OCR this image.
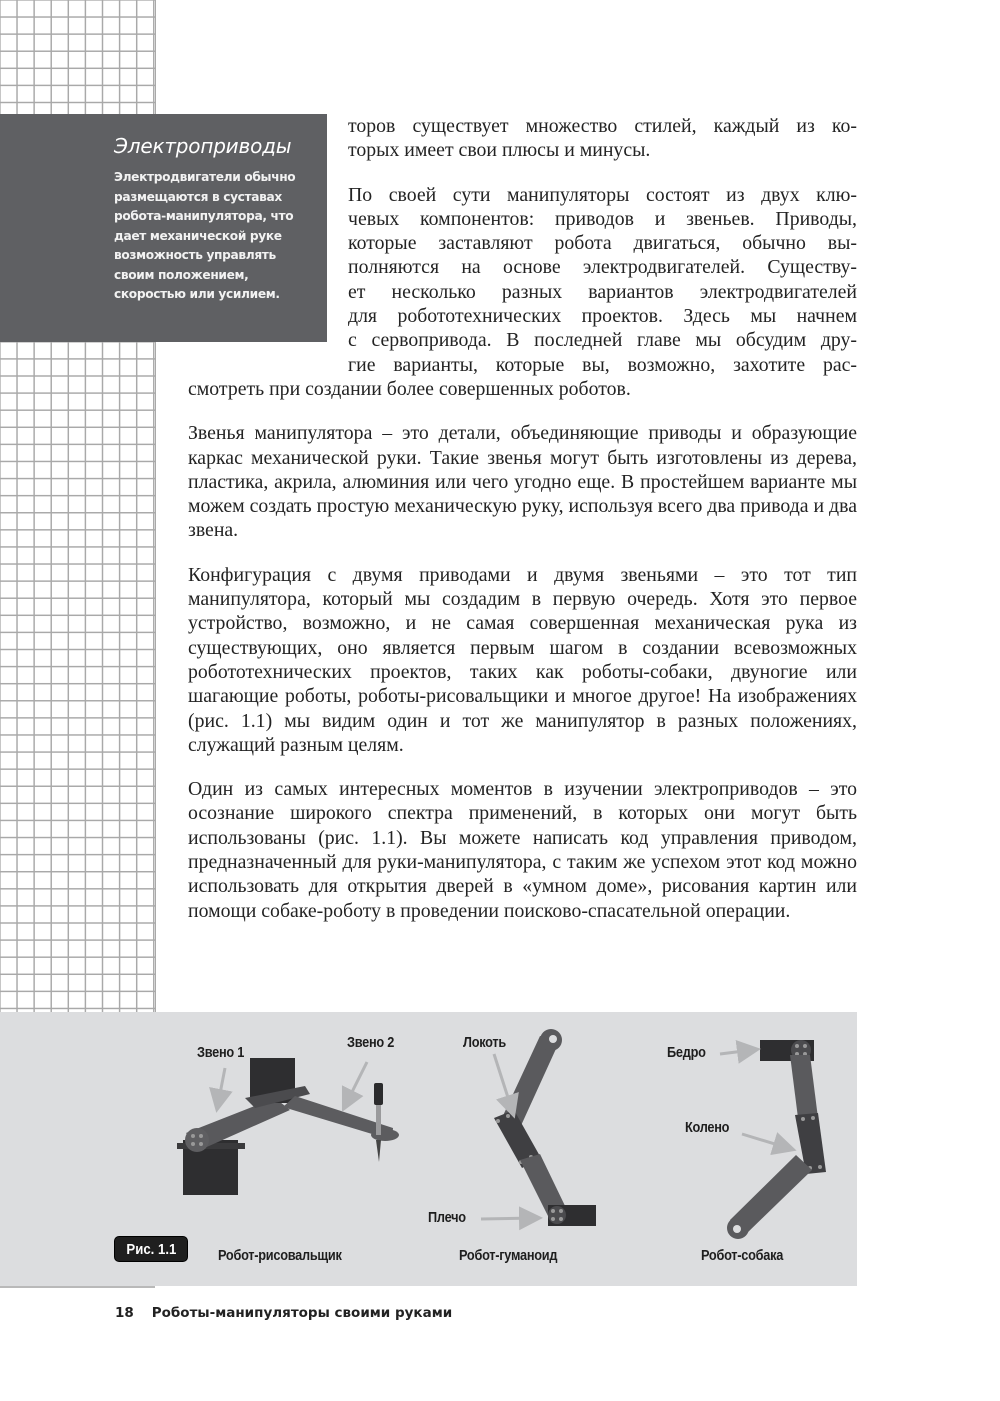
Электроприводы
Электродвигатели обычно размещаются в суставах робота-манипулятора, что дает механической руке возможность управлять своим положением, скоростью или усилием.

торов существует множество стилей, каждый из ко-
торых имеет свои плюсы и минусы.

По своей сути манипуляторы состоят из двух клю-
чевых компонентов: приводов и звеньев. Приводы,
которые заставляют робота двигаться, обычно вы-
полняются на основе электродвигателей. Существу-
ет несколько разных вариантов электродвигателей
для робототехнических проектов. Здесь мы начнем
с сервопривода. В последней главе мы обсудим дру-
гие варианты, которые вы, возможно, захотите рас-

смотреть при создании более совершенных роботов.

Звенья манипулятора – это детали, объединяющие приводы и образующие каркас механической руки. Такие звенья могут быть изготовлены из дерева, пластика, акрила, алюминия или чего угодно еще. В простейшем варианте мы можем создать простую механическую руку, используя всего два привода и два звена.

Конфигурация с двумя приводами и двумя звеньями – это тот тип манипулятора, который мы создадим в первую очередь. Хотя это первое устройство, возможно, и не самая совершенная механическая рука из существующих, оно является первым шагом в создании всевозможных робототехнических проектов, таких как роботы-собаки, двуногие или шагающие роботы, роботы-рисовальщики и многое другое! На изображениях (рис. 1.1) мы видим один и тот же манипулятор в разных положениях, служащий разным целям.

Один из самых интересных моментов в изучении электроприводов – это осознание широкого спектра применений, в которых они могут быть использованы (рис. 1.1). Вы можете написать код управления приводом, предназначенный для руки-манипулятора, с таким же успехом этот код можно использовать для открытия дверей в «умном доме», рисования картин или помощи собаке-роботу в проведении поисково-спасательной операции.

Рис. 1.1
Звено 1
Звено 2
Робот-рисовальщик
Локоть
Плечо
Робот-гуманоид
Бедро
Колено
Робот-собака
18 Роботы-манипуляторы своими руками
